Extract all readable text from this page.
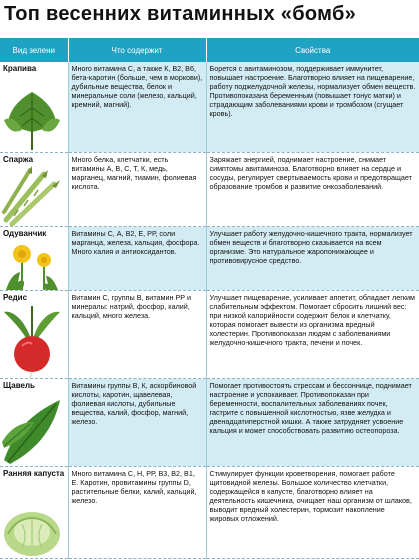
Топ весенних витаминных «бомб»
Вид зелени	Что содержит	Свойства

Крапива	Много витамина С, а также К, В2, В6, бета-каротин (больше, чем в моркови), дубильные вещества, белок и минеральные соли (железо, кальций, кремний, магний).	Борется с авитаминозом, поддерживает иммунитет, повышает настроение. Благотворно влияет на пищеварение, работу поджелудочной железы, нормализует обмен веществ. Противопоказана беременным (повышает тонус матки) и страдающим заболеваниями крови и тромбозом (сгущает кровь).

Спаржа	Много белка, клетчатки, есть витамины А, В, С, Т, К, медь, марганец, магний, тиамин, фолиевая кислота.	Заряжает энергией, поднимает настроение, снимает симптомы авитаминоза. Благотворно влияет на сердце и сосуды, регулирует свертываемость крови и предотвращает образование тромбов и развитие онкозаболеваний.

Одуванчик	Витамины С, А, В2, Е, РР, соли марганца, железа, кальция, фосфора. Много калия и антиоксидантов.	Улучшает работу желудочно-кишечного тракта, нормализует обмен веществ и благотворно сказывается на всем организме. Это натуральное жаропонижающее и противовирусное средство.

Редис	Витамин С, группы В, витамин РР и минералы: натрий, фосфор, калий, кальций, много железа.	Улучшает пищеварение, усиливает аппетит, обладает легким слабительным эффектом. Помогает сбросить лишний вес: при низкой калорийности содержит белок и клетчатку, которая помогает вывести из организма вредный холестерин. Противопоказан людям с заболеваниями желудочно-кишечного тракта, печени и почек.

Щавель	Витамины группы В, К, аскорбиновой кислоты, каротин, щавелевая, фолиевая кислоты, дубильные вещества, калий, фосфор, магний, железо.	Помогает противостоять стрессам и бессоннице, поднимает настроение и успокаивает. Противопоказан при беременности, воспалительных заболеваниях почек, гастрите с повышенной кислотностью, язве желудка и двенадцатиперстной кишки. А также затрудняет усвоение кальция и может способствовать развитию остеопороза.

Ранняя капуста	Много витамина С, Н, РР, В3, В2, В1, Е. Каротин, провитамины группы D, растительные белки, калий, кальций, железо.	Стимулирует функции кроветворения, помогает работе щитовидной железы. Большое количество клетчатки, содержащейся в капусте, благотворно влияет на деятельность кишечника, очищает наш организм от шлаков, выводит вредный холестерин, тормозит накопление жировых отложений.
